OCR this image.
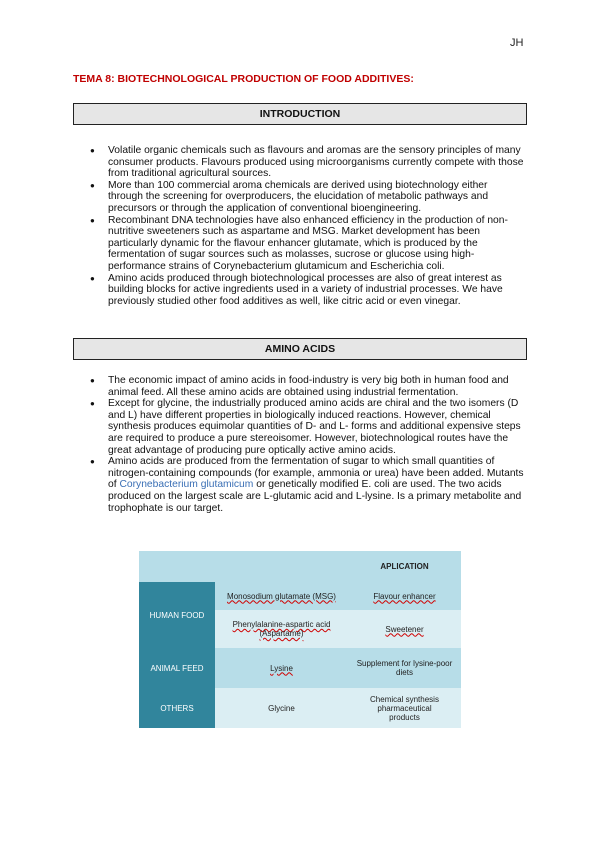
JH
TEMA 8: BIOTECHNOLOGICAL PRODUCTION OF FOOD ADDITIVES:
INTRODUCTION
● Volatile organic chemicals such as flavours and aromas are the sensory principles of many consumer products. Flavours produced using microorganisms currently compete with those from traditional agricultural sources.
● More than 100 commercial aroma chemicals are derived using biotechnology either through the screening for overproducers, the elucidation of metabolic pathways and precursors or through the application of conventional bioengineering.
● Recombinant DNA technologies have also enhanced efficiency in the production of non- nutritive sweeteners such as aspartame and MSG. Market development has been particularly dynamic for the flavour enhancer glutamate, which is produced by the fermentation of sugar sources such as molasses, sucrose or glucose using high-performance strains of Corynebacterium glutamicum and Escherichia coli.
● Amino acids produced through biotechnological processes are also of great interest as building blocks for active ingredients used in a variety of industrial processes. We have previously studied other food additives as well, like citric acid or even vinegar.
AMINO ACIDS
● The economic impact of amino acids in food-industry is very big both in human food and animal feed. All these amino acids are obtained using industrial fermentation.
● Except for glycine, the industrially produced amino acids are chiral and the two isomers (D and L) have different properties in biologically induced reactions. However, chemical synthesis produces equimolar quantities of D- and L- forms and additional expensive steps are required to produce a pure stereoisomer. However, biotechnological routes have the great advantage of producing pure optically active amino acids.
● Amino acids are produced from the fermentation of sugar to which small quantities of nitrogen-containing compounds (for example, ammonia or urea) have been added. Mutants of Corynebacterium glutamicum or genetically modified E. coli are used. The two acids produced on the largest scale are L-glutamic acid and L-lysine. Is a primary metabolite and trophophate is our target.
		APLICATION
HUMAN FOOD	Monosodium glutamate (MSG)	Flavour enhancer
	Phenylalanine-aspartic acid (Aspartame)	Sweetener
ANIMAL FEED	Lysine	Supplement for lysine-poor diets
OTHERS	Glycine	Chemical synthesis pharmaceutical products
